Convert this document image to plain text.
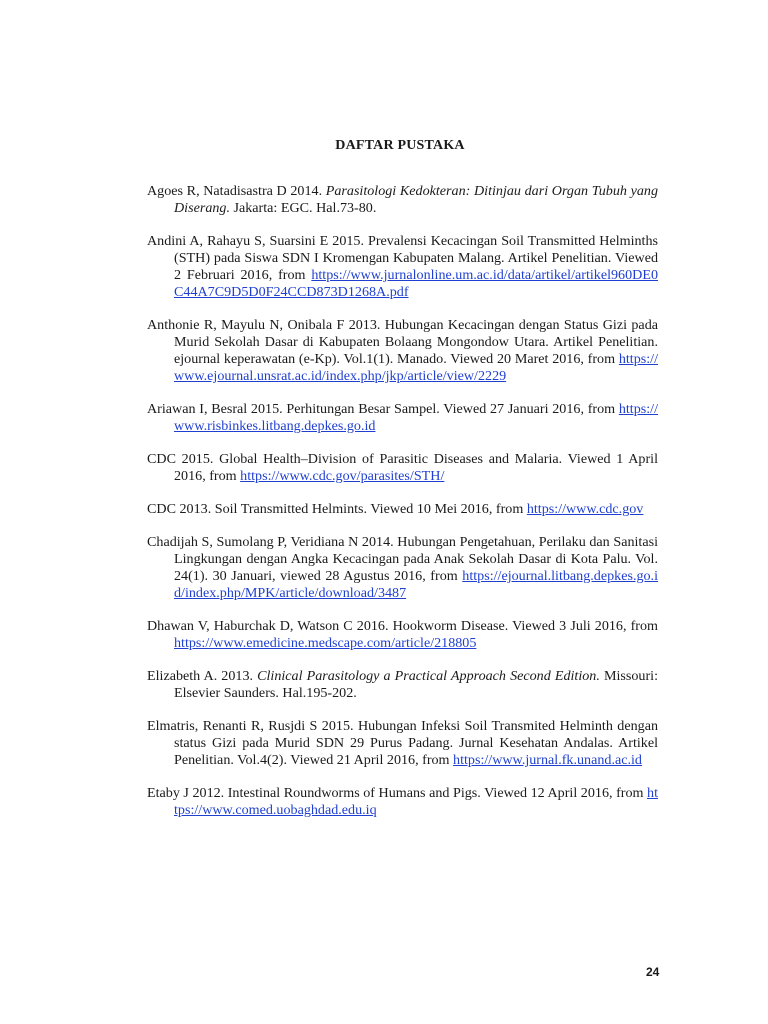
DAFTAR PUSTAKA

Agoes R, Natadisastra D 2014. Parasitologi Kedokteran: Ditinjau dari Organ Tubuh yang Diserang. Jakarta: EGC. Hal.73-80.

Andini A, Rahayu S, Suarsini E 2015. Prevalensi Kecacingan Soil Transmitted Helminths (STH) pada Siswa SDN I Kromengan Kabupaten Malang. Artikel Penelitian. Viewed 2 Februari 2016, from https://www.jurnalonline.um.ac.id/data/artikel/artikel960DE0C44A7C9D5D0F24CCD873D1268A.pdf

Anthonie R, Mayulu N, Onibala F 2013. Hubungan Kecacingan dengan Status Gizi pada Murid Sekolah Dasar di Kabupaten Bolaang Mongondow Utara. Artikel Penelitian. ejournal keperawatan (e-Kp). Vol.1(1). Manado. Viewed 20 Maret 2016, from https://www.ejournal.unsrat.ac.id/index.php/jkp/article/view/2229

Ariawan I, Besral 2015. Perhitungan Besar Sampel. Viewed 27 Januari 2016, from https://www.risbinkes.litbang.depkes.go.id

CDC 2015. Global Health–Division of Parasitic Diseases and Malaria. Viewed 1 April 2016, from https://www.cdc.gov/parasites/STH/

CDC 2013. Soil Transmitted Helmints. Viewed 10 Mei 2016, from https://www.cdc.gov

Chadijah S, Sumolang P, Veridiana N 2014. Hubungan Pengetahuan, Perilaku dan Sanitasi Lingkungan dengan Angka Kecacingan pada Anak Sekolah Dasar di Kota Palu. Vol. 24(1). 30 Januari, viewed 28 Agustus 2016, from https://ejournal.litbang.depkes.go.id/index.php/MPK/article/download/3487

Dhawan V, Haburchak D, Watson C 2016. Hookworm Disease. Viewed 3 Juli 2016, from https://www.emedicine.medscape.com/article/218805

Elizabeth A. 2013. Clinical Parasitology a Practical Approach Second Edition. Missouri: Elsevier Saunders. Hal.195-202.

Elmatris, Renanti R, Rusjdi S 2015. Hubungan Infeksi Soil Transmited Helminth dengan status Gizi pada Murid SDN 29 Purus Padang. Jurnal Kesehatan Andalas. Artikel Penelitian. Vol.4(2). Viewed 21 April 2016, from https://www.jurnal.fk.unand.ac.id

Etaby J 2012. Intestinal Roundworms of Humans and Pigs. Viewed 12 April 2016, from https://www.comed.uobaghdad.edu.iq

24
